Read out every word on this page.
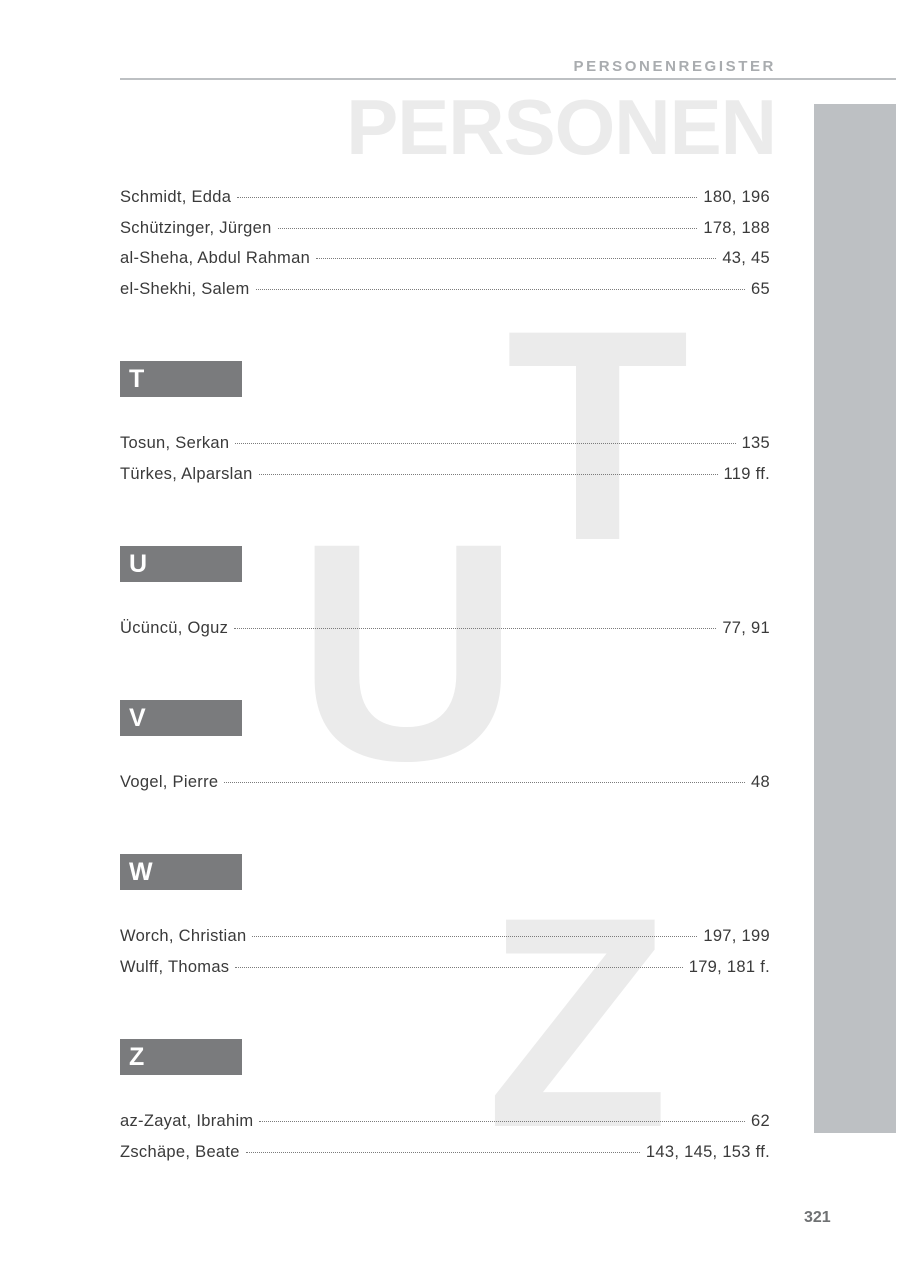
PERSONENREGISTER
PERSONEN
T
U
Z
Schmidt, Edda	180, 196
Schützinger, Jürgen	178, 188
al-Sheha, Abdul Rahman	43, 45
el-Shekhi, Salem	65
T
Tosun, Serkan	135
Türkes, Alparslan	119 ff.
U
Ücüncü, Oguz	77, 91
V
Vogel, Pierre	48
W
Worch, Christian	197, 199
Wulff, Thomas	179, 181 f.
Z
az-Zayat, Ibrahim	62
Zschäpe, Beate	143, 145, 153 ff.
321
